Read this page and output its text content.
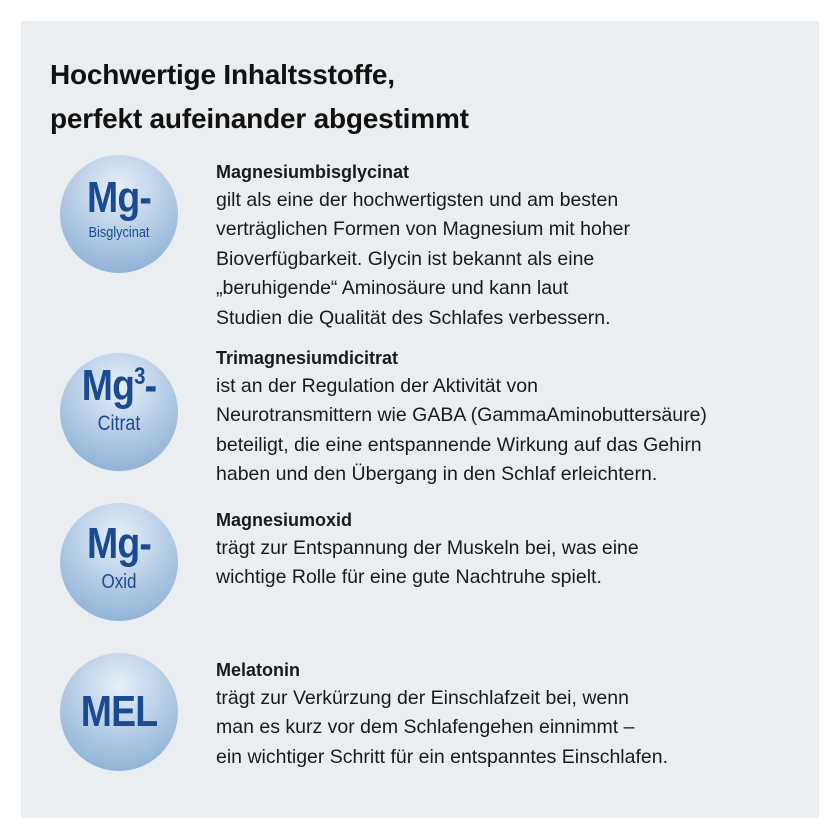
Hochwertige Inhaltsstoffe,
perfekt aufeinander abgestimmt
Mg-
Bisglycinat
Magnesiumbisglycinat

gilt als eine der hochwertigsten und am besten
verträglichen Formen von Magnesium mit hoher
Bioverfügbarkeit. Glycin ist bekannt als eine
„beruhigende“ Aminosäure und kann laut
Studien die Qualität des Schlafes verbessern.

Mg$^3$-
Citrat
Trimagnesiumdicitrat

ist an der Regulation der Aktivität von
Neurotransmittern wie GABA (GammaAminobuttersäure)
beteiligt, die eine entspannende Wirkung auf das Gehirn
haben und den Übergang in den Schlaf erleichtern.

Mg-
Oxid
Magnesiumoxid

trägt zur Entspannung der Muskeln bei, was eine
wichtige Rolle für eine gute Nachtruhe spielt.

MEL
Melatonin

trägt zur Verkürzung der Einschlafzeit bei, wenn
man es kurz vor dem Schlafengehen einnimmt –
ein wichtiger Schritt für ein entspanntes Einschlafen.
